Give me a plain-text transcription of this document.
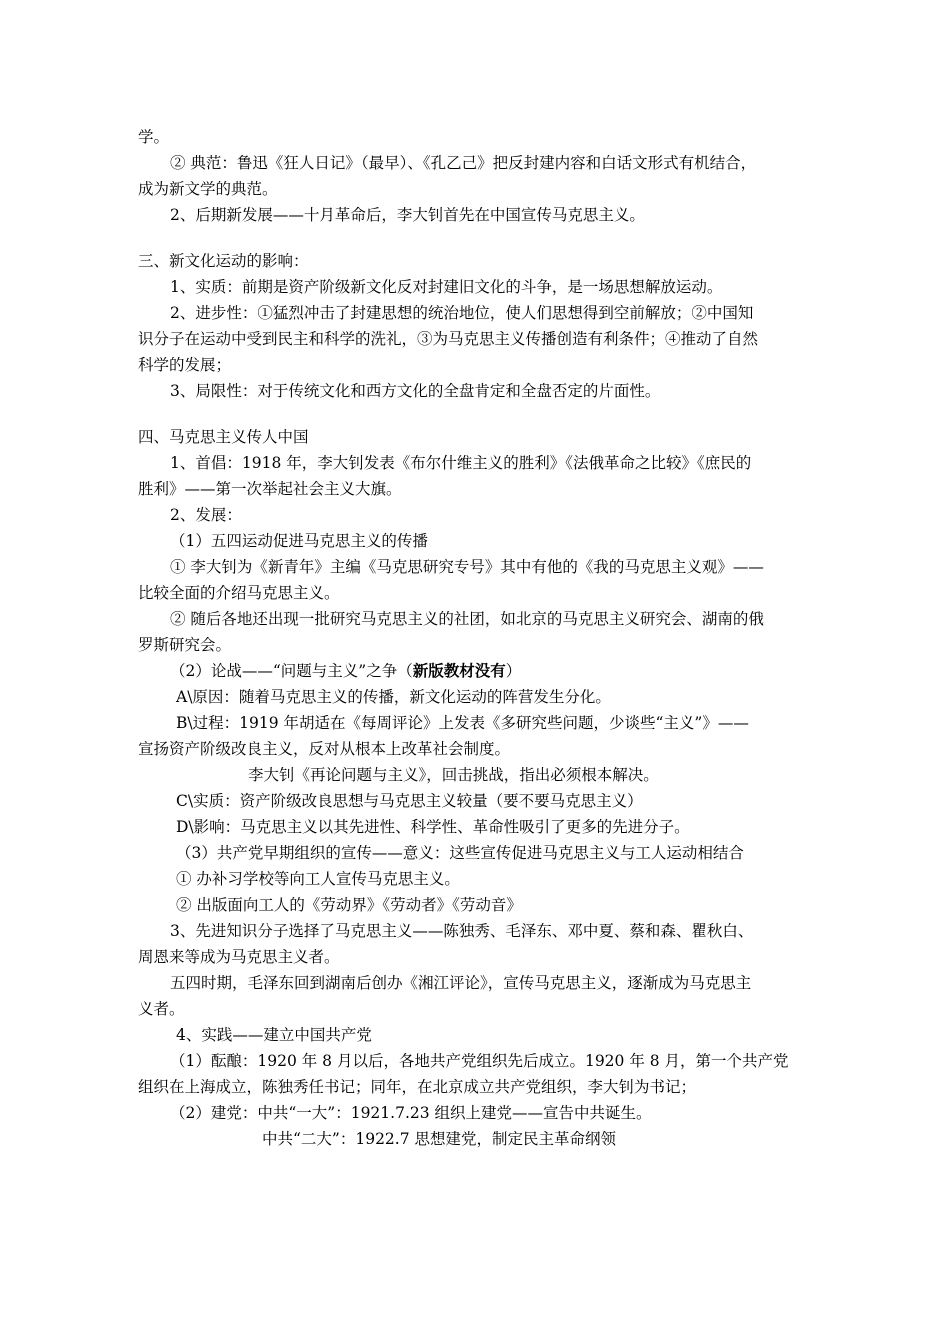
学。
② 典范：鲁迅《狂人日记》（最早）、《孔乙己》把反封建内容和白话文形式有机结合，
成为新文学的典范。
2、后期新发展——十月革命后，李大钊首先在中国宣传马克思主义。
三、新文化运动的影响：
1、实质：前期是资产阶级新文化反对封建旧文化的斗争，是一场思想解放运动。
2、进步性：①猛烈冲击了封建思想的统治地位，使人们思想得到空前解放；②中国知
识分子在运动中受到民主和科学的洗礼，③为马克思主义传播创造有利条件；④推动了自然
科学的发展；
3、局限性：对于传统文化和西方文化的全盘肯定和全盘否定的片面性。
四、马克思主义传人中国
1、首倡：1918 年，李大钊发表《布尔什维主义的胜利》《法俄革命之比较》《庶民的
胜利》——第一次举起社会主义大旗。
2、发展：
（1）五四运动促进马克思主义的传播
① 李大钊为《新青年》主编《马克思研究专号》其中有他的《我的马克思主义观》——
比较全面的介绍马克思主义。
② 随后各地还出现一批研究马克思主义的社团，如北京的马克思主义研究会、湖南的俄
罗斯研究会。
（2）论战——“问题与主义”之争（新版教材没有）
A\原因：随着马克思主义的传播，新文化运动的阵营发生分化。
B\过程：1919 年胡适在《每周评论》上发表《多研究些问题，少谈些“主义”》——
宣扬资产阶级改良主义，反对从根本上改革社会制度。
李大钊《再论问题与主义》，回击挑战，指出必须根本解决。
C\实质：资产阶级改良思想与马克思主义较量（要不要马克思主义）
D\影响：马克思主义以其先进性、科学性、革命性吸引了更多的先进分子。
（3）共产党早期组织的宣传——意义：这些宣传促进马克思主义与工人运动相结合
① 办补习学校等向工人宣传马克思主义。
② 出版面向工人的《劳动界》《劳动者》《劳动音》
3、先进知识分子选择了马克思主义——陈独秀、毛泽东、邓中夏、蔡和森、瞿秋白、
周恩来等成为马克思主义者。
五四时期，毛泽东回到湖南后创办《湘江评论》，宣传马克思主义，逐渐成为马克思主
义者。
4、实践——建立中国共产党
（1）酝酿：1920 年 8 月以后，各地共产党组织先后成立。1920 年 8 月，第一个共产党
组织在上海成立，陈独秀任书记；同年，在北京成立共产党组织，李大钊为书记；
（2）建党：中共“一大”：1921.7.23 组织上建党——宣告中共诞生。
中共“二大”：1922.7 思想建党，制定民主革命纲领
